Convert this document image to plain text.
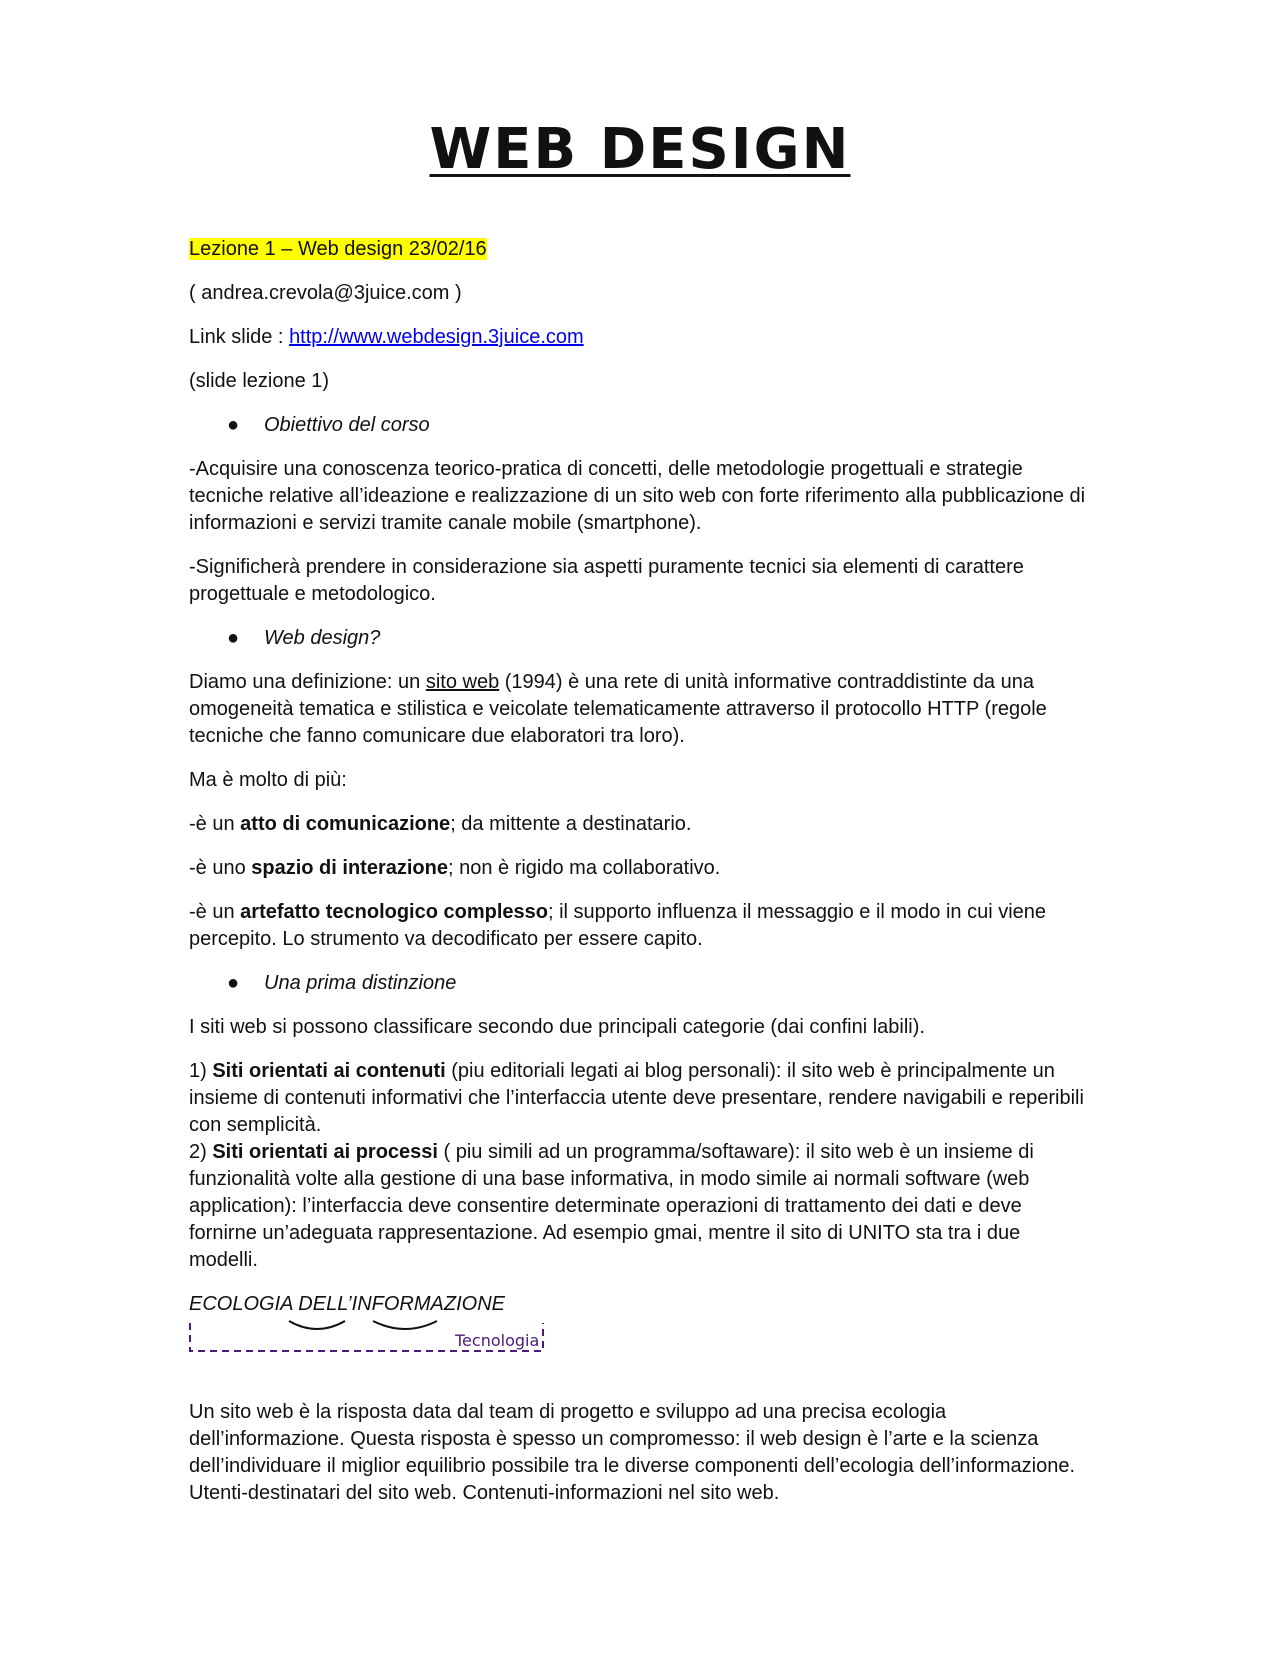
WEB DESIGN

Lezione 1 – Web design 23/02/16

( andrea.crevola@3juice.com )

Link slide : http://www.webdesign.3juice.com

(slide lezione 1)

● Obiettivo del corso

-Acquisire una conoscenza teorico-pratica di concetti, delle metodologie progettuali e strategie tecniche relative all’ideazione e realizzazione di un sito web con forte riferimento alla pubblicazione di informazioni e servizi tramite canale mobile (smartphone).

-Significherà prendere in considerazione sia aspetti puramente tecnici sia elementi di carattere progettuale e metodologico.

● Web design?

Diamo una definizione: un sito web (1994) è una rete di unità informative contraddistinte da una omogeneità tematica e stilistica e veicolate telematicamente attraverso il protocollo HTTP (regole tecniche che fanno comunicare due elaboratori tra loro).

Ma è molto di più:

-è un atto di comunicazione; da mittente a destinatario.

-è uno spazio di interazione; non è rigido ma collaborativo.

-è un artefatto tecnologico complesso; il supporto influenza il messaggio e il modo in cui viene percepito. Lo strumento va decodificato per essere capito.

● Una prima distinzione

I siti web si possono classificare secondo due principali categorie (dai confini labili).

1) Siti orientati ai contenuti (piu editoriali legati ai blog personali): il sito web è principalmente un insieme di contenuti informativi che l’interfaccia utente deve presentare, rendere navigabili e reperibili con semplicità.

2) Siti orientati ai processi ( piu simili ad un programma/softaware): il sito web è un insieme di funzionalità volte alla gestione di una base informativa, in modo simile ai normali software (web application): l’interfaccia deve consentire determinate operazioni di trattamento dei dati e deve fornirne un’adeguata rappresentazione. Ad esempio gmai, mentre il sito di UNITO sta tra i due modelli.

ECOLOGIA DELL’INFORMAZIONE
Tecnologia

Un sito web è la risposta data dal team di progetto e sviluppo ad una precisa ecologia dell’informazione. Questa risposta è spesso un compromesso: il web design è l’arte e la scienza dell’individuare il miglior equilibrio possibile tra le diverse componenti dell’ecologia dell’informazione. Utenti-destinatari del sito web. Contenuti-informazioni nel sito web.
